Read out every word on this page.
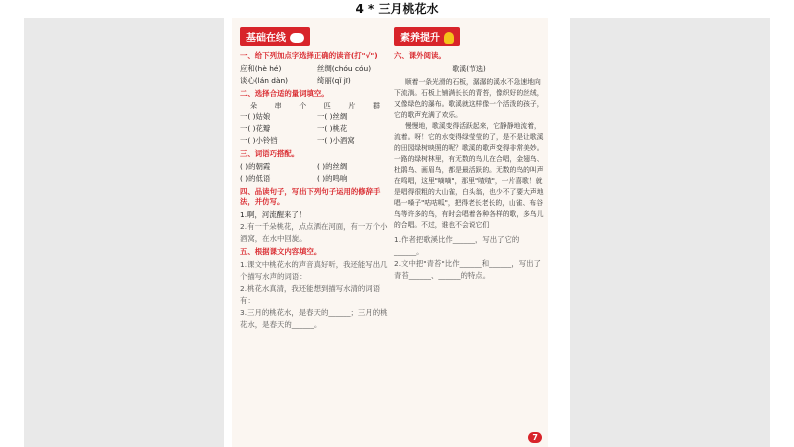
4 * 三月桃花水
基础在线
一、给下列加点字选择正确的读音(打"√")
应和(hè hé)	丝绸(chóu cóu)
谈心(lán dàn)	绮丽(qǐ jī)
二、选择合适的量词填空。
朵	串	个	匹	片	群
一( )姑娘	一( )丝绸
一( )花瓣	一( )桃花
一( )小铃铛	一( )小酒窝
三、词语巧搭配。
( )的朝霞	( )的丝绸
( )的低语	( )的鸣响
四、品读句子，写出下列句子运用的修辞手法，并仿写。
1.啊，河流醒来了！
2.有一千朵桃花，点点洒在河面，有一万个小酒窝，在水中回旋。
五、根据课文内容填空。
1.课文中桃花水的声音真好听，我还能写出几个描写水声的词语：
2.桃花水真清，我还能想到描写水清的词语有：
3.三月的桃花水，是春天的______；三月的桃花水，是春天的______。
素养提升
六、课外阅读。
歌溪(节选)
顺着一条光滑的石板，潺潺的溪水不急速地向下流淌。石板上铺满长长的青苔，像织好的丝绒，又像绿色的瀑布。歌溪就这样像一个活泼的孩子，它的歌声充满了欢乐。
慢慢地，歌溪变得活跃起来，它静静地流着，流着。呀！它的水变得绿莹莹的了，是不是让歌溪的田园绿树映照的呢？歌溪的歌声变得非常美妙。一路的绿树林里，有无数的鸟儿在合唱，金翅鸟、杜鹃鸟、画眉鸟，都是最活跃的。无数的鸟的叫声在鸣唱，这里"嘀嘀"，那里"喳喳"，一片喜歌！就是唱得很粗的大山雀，白头翁，也少不了要大声地唱一嗓子"咕咕呱"，把得老长老长的，山雀、布谷鸟等许多的鸟，有时会唱着各种各样的歌，多鸟儿的合唱。不过，谁也不会说它们
1.作者把歌溪比作______，写出了它的______。
2.文中把"青苔"比作______和______，写出了青苔______、______的特点。
7
